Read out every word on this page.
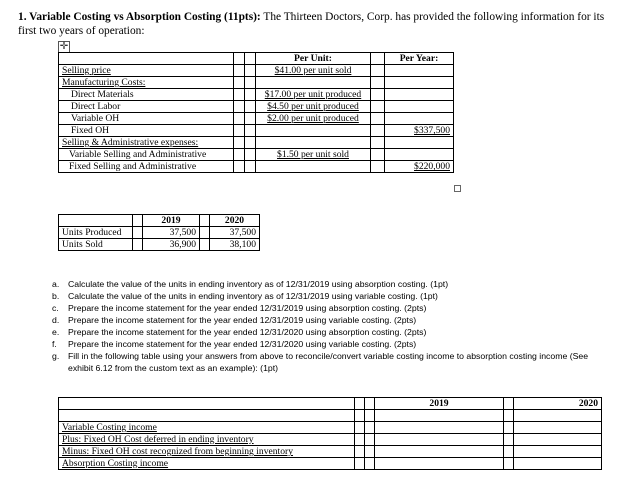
1. Variable Costing vs Absorption Costing (11pts): The Thirteen Doctors, Corp. has provided the following information for its first two years of operation:
✛
			Per Unit:		Per Year:
Selling price			$41.00 per unit sold		
Manufacturing Costs:					
Direct Materials			$17.00 per unit produced		
Direct Labor			$4.50 per unit produced		
Variable OH			$2.00 per unit produced		
Fixed OH					$337,500
Selling & Administrative expenses:					
Variable Selling and Administrative			$1.50 per unit sold		
Fixed Selling and Administrative					$220,000
		2019		2020
Units Produced		37,500		37,500
Units Sold		36,900		38,100
a. Calculate the value of the units in ending inventory as of 12/31/2019 using absorption costing. (1pt)
b. Calculate the value of the units in ending inventory as of 12/31/2019 using variable costing. (1pt)
c. Prepare the income statement for the year ended 12/31/2019 using absorption costing. (2pts)
d. Prepare the income statement for the year ended 12/31/2019 using variable costing. (2pts)
e. Prepare the income statement for the year ended 12/31/2020 using absorption costing. (2pts)
f. Prepare the income statement for the year ended 12/31/2020 using variable costing. (2pts)
g. Fill in the following table using your answers from above to reconcile/convert variable costing income to absorption costing income (See exhibit 6.12 from the custom text as an example): (1pt)
			2019		2020

Variable Costing income					
Plus: Fixed OH Cost deferred in ending inventory					
Minus: Fixed OH cost recognized from beginning inventory					
Absorption Costing income					
